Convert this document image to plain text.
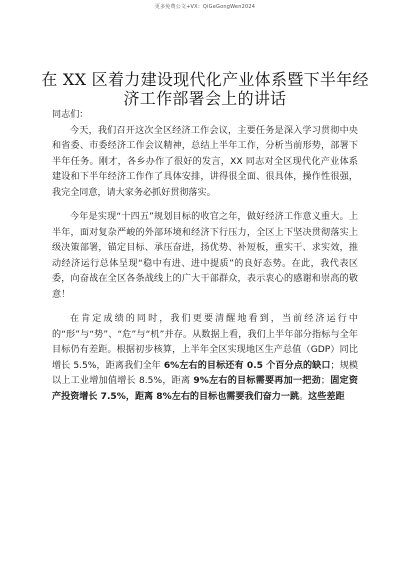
更多免费公文+VX：QiGeGongWen2024
在 XX 区着力建设现代化产业体系暨下半年经济工作部署会上的讲话

同志们：

今天，我们召开这次全区经济工作会议，主要任务是深入学习贯彻中央和省委、市委经济工作会议精神，总结上半年工作，分析当前形势，部署下半年任务。刚才，各乡办作了很好的发言，XX 同志对全区现代化产业体系建设和下半年经济工作作了具体安排，讲得很全面、很具体，操作性很强，我完全同意，请大家务必抓好贯彻落实。

今年是实现“十四五”规划目标的收官之年，做好经济工作意义重大。上半年，面对复杂严峻的外部环境和经济下行压力，全区上下坚决贯彻落实上级决策部署，锚定目标、承压奋进，扬优势、补短板，重实干、求实效，推动经济运行总体呈现“稳中有进、进中提质”的良好态势。在此，我代表区委，向奋战在全区各条战线上的广大干部群众，表示衷心的感谢和崇高的敬意！

在肯定成绩的同时，我们更要清醒地看到，当前经济运行中的“形”与“势”、“危”与“机”并存。从数据上看，我们上半年部分指标与全年目标仍有差距。根据初步核算，上半年全区实现地区生产总值（GDP）同比增长 5.5%，距离我们全年 6%左右的目标还有 0.5 个百分点的缺口；规模以上工业增加值增长 8.5%，距离 9%左右的目标需要再加一把劲；固定资产投资增长 7.5%，距离 8%左右的目标也需要我们奋力一跳。这些差距
